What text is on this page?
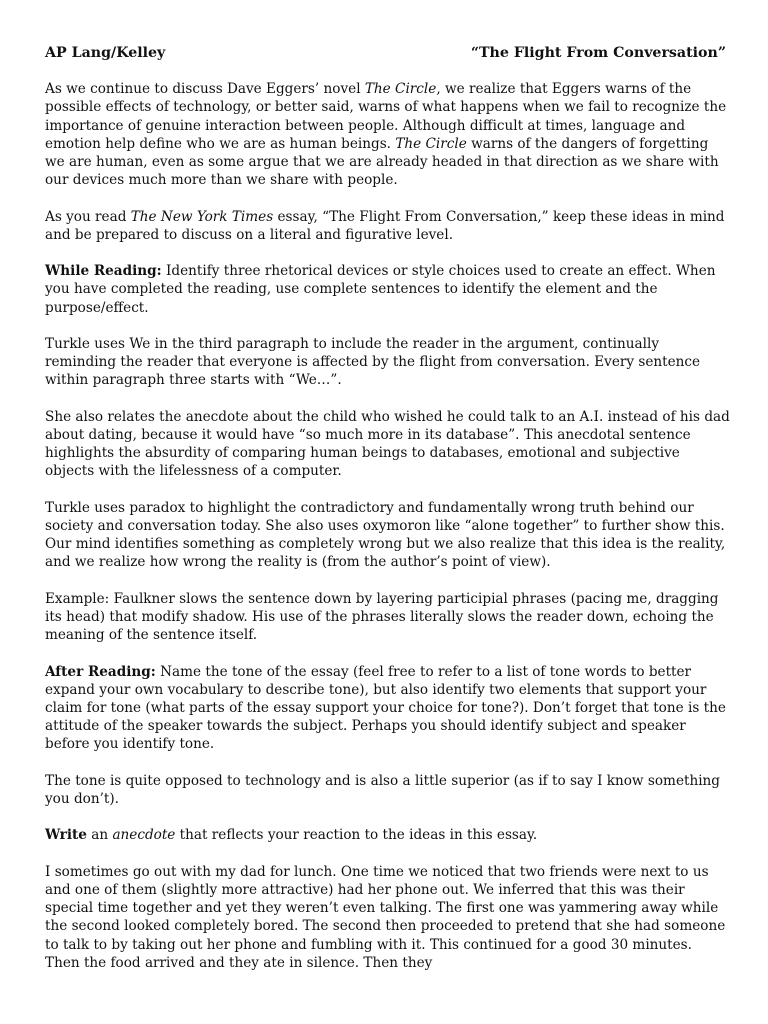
AP Lang/Kelley	“The Flight From Conversation”

As we continue to discuss Dave Eggers’ novel The Circle, we realize that Eggers warns of the possible effects of technology, or better said, warns of what happens when we fail to recognize the importance of genuine interaction between people. Although difficult at times, language and emotion help define who we are as human beings. The Circle warns of the dangers of forgetting we are human, even as some argue that we are already headed in that direction as we share with our devices much more than we share with people.

As you read The New York Times essay, “The Flight From Conversation,” keep these ideas in mind and be prepared to discuss on a literal and figurative level.

While Reading: Identify three rhetorical devices or style choices used to create an effect. When you have completed the reading, use complete sentences to identify the element and the purpose/effect.

Turkle uses We in the third paragraph to include the reader in the argument, continually reminding the reader that everyone is affected by the flight from conversation. Every sentence within paragraph three starts with “We…”.

She also relates the anecdote about the child who wished he could talk to an A.I. instead of his dad about dating, because it would have “so much more in its database”. This anecdotal sentence highlights the absurdity of comparing human beings to databases, emotional and subjective objects with the lifelessness of a computer.

Turkle uses paradox to highlight the contradictory and fundamentally wrong truth behind our society and conversation today. She also uses oxymoron like “alone together” to further show this. Our mind identifies something as completely wrong but we also realize that this idea is the reality, and we realize how wrong the reality is (from the author’s point of view).

Example: Faulkner slows the sentence down by layering participial phrases (pacing me, dragging its head) that modify shadow. His use of the phrases literally slows the reader down, echoing the meaning of the sentence itself.

After Reading: Name the tone of the essay (feel free to refer to a list of tone words to better expand your own vocabulary to describe tone), but also identify two elements that support your claim for tone (what parts of the essay support your choice for tone?). Don’t forget that tone is the attitude of the speaker towards the subject. Perhaps you should identify subject and speaker before you identify tone.

The tone is quite opposed to technology and is also a little superior (as if to say I know something you don’t).

Write an anecdote that reflects your reaction to the ideas in this essay.

I sometimes go out with my dad for lunch. One time we noticed that two friends were next to us and one of them (slightly more attractive) had her phone out. We inferred that this was their special time together and yet they weren’t even talking. The first one was yammering away while the second looked completely bored. The second then proceeded to pretend that she had someone to talk to by taking out her phone and fumbling with it. This continued for a good 30 minutes. Then the food arrived and they ate in silence. Then they
